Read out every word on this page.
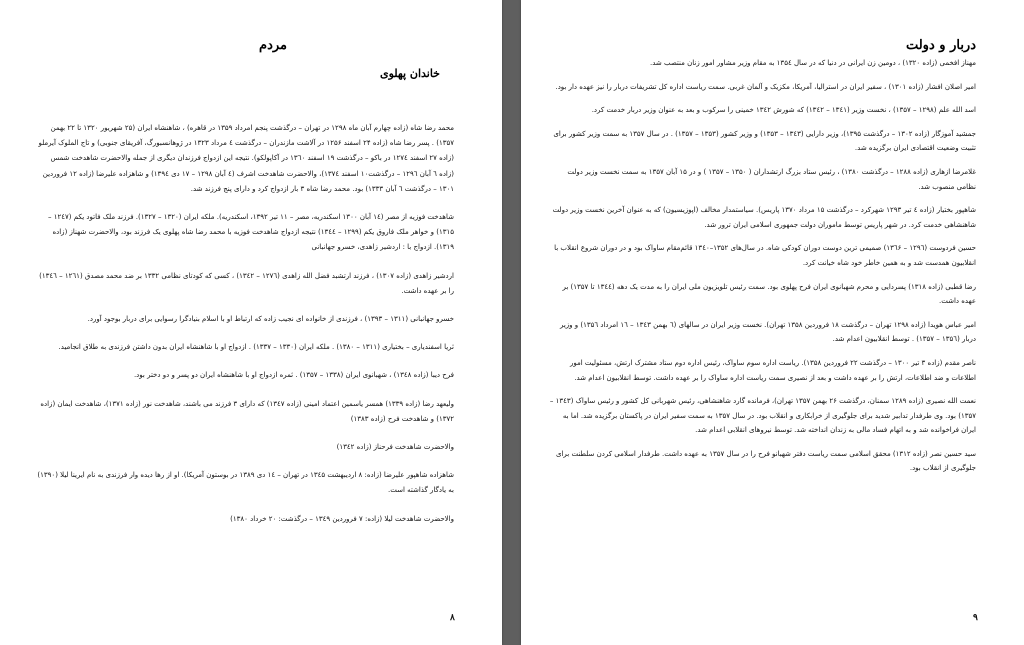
مردم
خاندان پهلوی

محمد رضا شاه (زاده چهارم آبان ماه ۱۲۹۸ در تهران – درگذشت پنجم امرداد ۱۳۵۹ در قاهره) ، شاهنشاه ایران (۲۵ شهریور ۱۳۲۰ تا ۲۲ بهمن ۱۳۵۷) . پسر رضا شاه (زاده ۲۴ اسفند ۱۲۵۶ در آلاشت مازندران – درگذشت ٤ مرداد ۱۳۲۳ در ژوهانسبورگ، آفریقای جنوبی) و تاج الملوک آیرملو (زاده ۲۷ اسفند ۱۲۷٤ در باکو – درگذشت ۱۹ اسفند ۱۳٦۰ در آکاپولکو). نتیجه این ازدواج فرزندان دیگری از جمله والاحضرت شاهدخت شمس (زاده ٦ آبان ۱۲۹٦ – درگذشت۱۰ اسفند ۱۳۷٤)، والاحضرت شاهدخت اشرف (٤ آبان ۱۲۹۸ – ۱۷ دی ۱۳۹٤) و شاهزاده علیرضا (زاده ۱۲ فروردین ۱۳۰۱ – درگذشت ٦ آبان ۱۳۳۳) بود. محمد رضا شاه ۳ بار ازدواج کرد و دارای پنج فرزند شد.

شاهدخت فوزیه از مصر (۱٤ آبان ۱۳۰۰ اسکندریه، مصر – ۱۱ تیر ۱۳۹۲، اسکندریه). ملکه ایران (۱۳۲۰ – ۱۳۲۷). فرزند ملک فاتود یکم (۱۲٤۷ – ۱۳۱۵) و خواهر ملک فاروق یکم (۱۲۹۹ – ۱۳٤٤) نتیجه ازدواج شاهدخت فوزیه با محمد رضا شاه پهلوی یک فرزند بود، والاحضرت شهناز (زاده ۱۳۱۹). ازدواج با : اردشیر زاهدی، خسرو جهانبانی

اردشیر زاهدی (زاده ۱۳۰۷) ، فرزند ارتشبد فضل الله زاهدی (۱۲۷٦ – ۱۳٤۲) ، کسی که کودتای نظامی ۱۳۳۲ بر ضد محمد مصدق (۱۲٦۱ – ۱۳٤٦) را بر عهده داشت.

خسرو جهانبانی (۱۳۱۱ – ۱۳۹۳) ، فرزندی از خانواده ای نجیب زاده که ارتباط او با اسلام بنیادگرا رسوایی برای دربار بوجود آورد.

ثریا اسفندیاری – بختیاری (۱۳۱۱ – ۱۳۸۰) . ملکه ایران (۱۳۳۰ – ۱۳۳۷) . ازدواج او با شاهنشاه ایران بدون داشتن فرزندی به طلاق انجامید.

فرح دیبا (زاده ۱۳٤۸) ، شهبانوی ایران (۱۳۳۸ – ۱۳۵۷) . ثمره ازدواج او با شاهنشاه ایران دو پسر و دو دختر بود.

ولیعهد رضا (زاده ۱۳۳۹) همسر یاسمین اعتماد امینی (زاده ۱۳٤۷) که دارای ۳ فرزند می باشند، شاهدخت نور (زاده ۱۳۷۱)، شاهدخت ایمان (زاده ۱۳۷۲) و شاهدخت فرح (زاده ۱۳۸۳)

والاحضرت شاهدخت فرحناز (زاده ۱۳٤۲)

شاهزاده شاهپور علیرضا (زاده: ۸ اردیبهشت ۱۳٤۵ در تهران – ۱٤ دی ۱۳۸۹ در بوستون آمریکا). او از رها دیده وار فرزندی به نام ایرینا لیلا (۱۳۹۰) به یادگار گذاشته است.

والاحضرت شاهدخت لیلا (زاده: ۷ فروردین ۱۳٤۹ – درگذشت: ۲۰ خرداد ۱۳۸۰)

۸
دربار و دولت

مهناز افخمی (زاده ۱۳۲۰) ، دومین زن ایرانی در دنیا که در سال ۱۳۵٤ به مقام وزیر مشاور امور زنان منتصب شد.

امیر اصلان افشار (زاده ۱۳۰۱) ، سفیر ایران در استرالیا، آمریکا، مکزیک و آلمان غربی. سمت ریاست اداره کل تشریفات دربار را نیز عهده دار بود.

اسد الله علم (۱۲۹۸ – ۱۳۵۷) ، نخست وزیر (۱۳٤۱ – ۱۳٤۲) که شورش ۱۳٤۲ خمینی را سرکوب و بعد به عنوان وزیر دربار خدمت کرد.

جمشید آموزگار (زاده ۱۳۰۲ – درگذشت ۱۳۹۵)، وزیر دارایی (۱۳٤۳ – ۱۳۵۳) و وزیر کشور (۱۳۵۳ – ۱۳۵۷) . در سال ۱۳۵۷ به سمت وزیر کشور برای تثبیت وضعیت اقتصادی ایران برگزیده شد.

غلامرضا ازهاری (زاده ۱۲۸۸ – درگذشت ۱۳۸۰) ، رئیس ستاد بزرگ ارتشداران ( ۱۳۵۰ – ۱۳۵۷ ) و در ۱۵ آبان ۱۳۵۷ به سمت نخست وزیر دولت نظامی منصوب شد.

شاهپور بختیار (زاده ٤ تیر ۱۲۹۳ شهرکرد – درگذشت ۱۵ مرداد ۱۳۷۰ پاریس). سیاستمدار مخالف (اپوزیسیون) که به عنوان آخرین نخست وزیر دولت شاهنشاهی خدمت کرد. در شهر پاریس توسط ماموران دولت جمهوری اسلامی ایران ترور شد.

حسین فردوست (۱۲۹٦ – ۱۳٦۶) صمیمی ترین دوست دوران کودکی شاه. در سال‌های ۱۳۵۲–۱۳٤۰ قائم‌مقام ساواک بود و در دوران شروع انقلاب با انقلابیون همدست شد و به همین خاطر خود شاه خیانت کرد.

رضا قطبی (زاده ۱۳۱۸) پسردایی و محرم شهبانوی ایران فرح پهلوی بود. سمت رئیس تلویزیون ملی ایران را به مدت یک دهه (۱۳٤٤ تا ۱۳۵۷) بر عهده داشت.

امیر عباس هویدا (زاده ۱۲۹۸ تهران – درگذشت ۱۸ فروردین ۱۳۵۸ تهران). نخست وزیر ایران در سالهای (٦ بهمن ۱۳٤۳ – ۱٦ امرداد ۱۳۵٦) و وزیر دربار (۱۳۵٦ – ۱۳۵۷) . توسط انقلابیون اعدام شد.

ناصر مقدم (زاده ۳ تیر ۱۳۰۰ – درگذشت ۲۲ فروردین ۱۳۵۸). ریاست اداره سوم ساواک، رئیس اداره دوم ستاد مشترک ارتش، مسئولیت امور اطلاعات و ضد اطلاعات، ارتش را بر عهده داشت و بعد از نصیری سمت ریاست اداره ساواک را بر عهده داشت. توسط انقلابیون اعدام شد.

نعمت الله نصیری (زاده ۱۲۸۹ سمنان، درگذشت ۲۶ بهمن ۱۳۵۷ تهران)، فرمانده گارد شاهنشاهی، رئیس شهربانی کل کشور و رئیس ساواک (۱۳٤۳ – ۱۳۵۷) بود. وی طرفدار تدابیر شدید برای جلوگیری از خرابکاری و انقلاب بود. در سال ۱۳۵۷ به سمت سفیر ایران در پاکستان برگزیده شد. اما به ایران فراخوانده شد و به اتهام فساد مالی به زندان انداخته شد. توسط نیروهای انقلابی اعدام شد.

سید حسین نصر (زاده ۱۳۱۲) محقق اسلامی سمت ریاست دفتر شهبانو فرح را در سال ۱۳۵۷ به عهده داشت. طرفدار اسلامی کردن سلطنت برای جلوگیری از انقلاب بود.

۹
